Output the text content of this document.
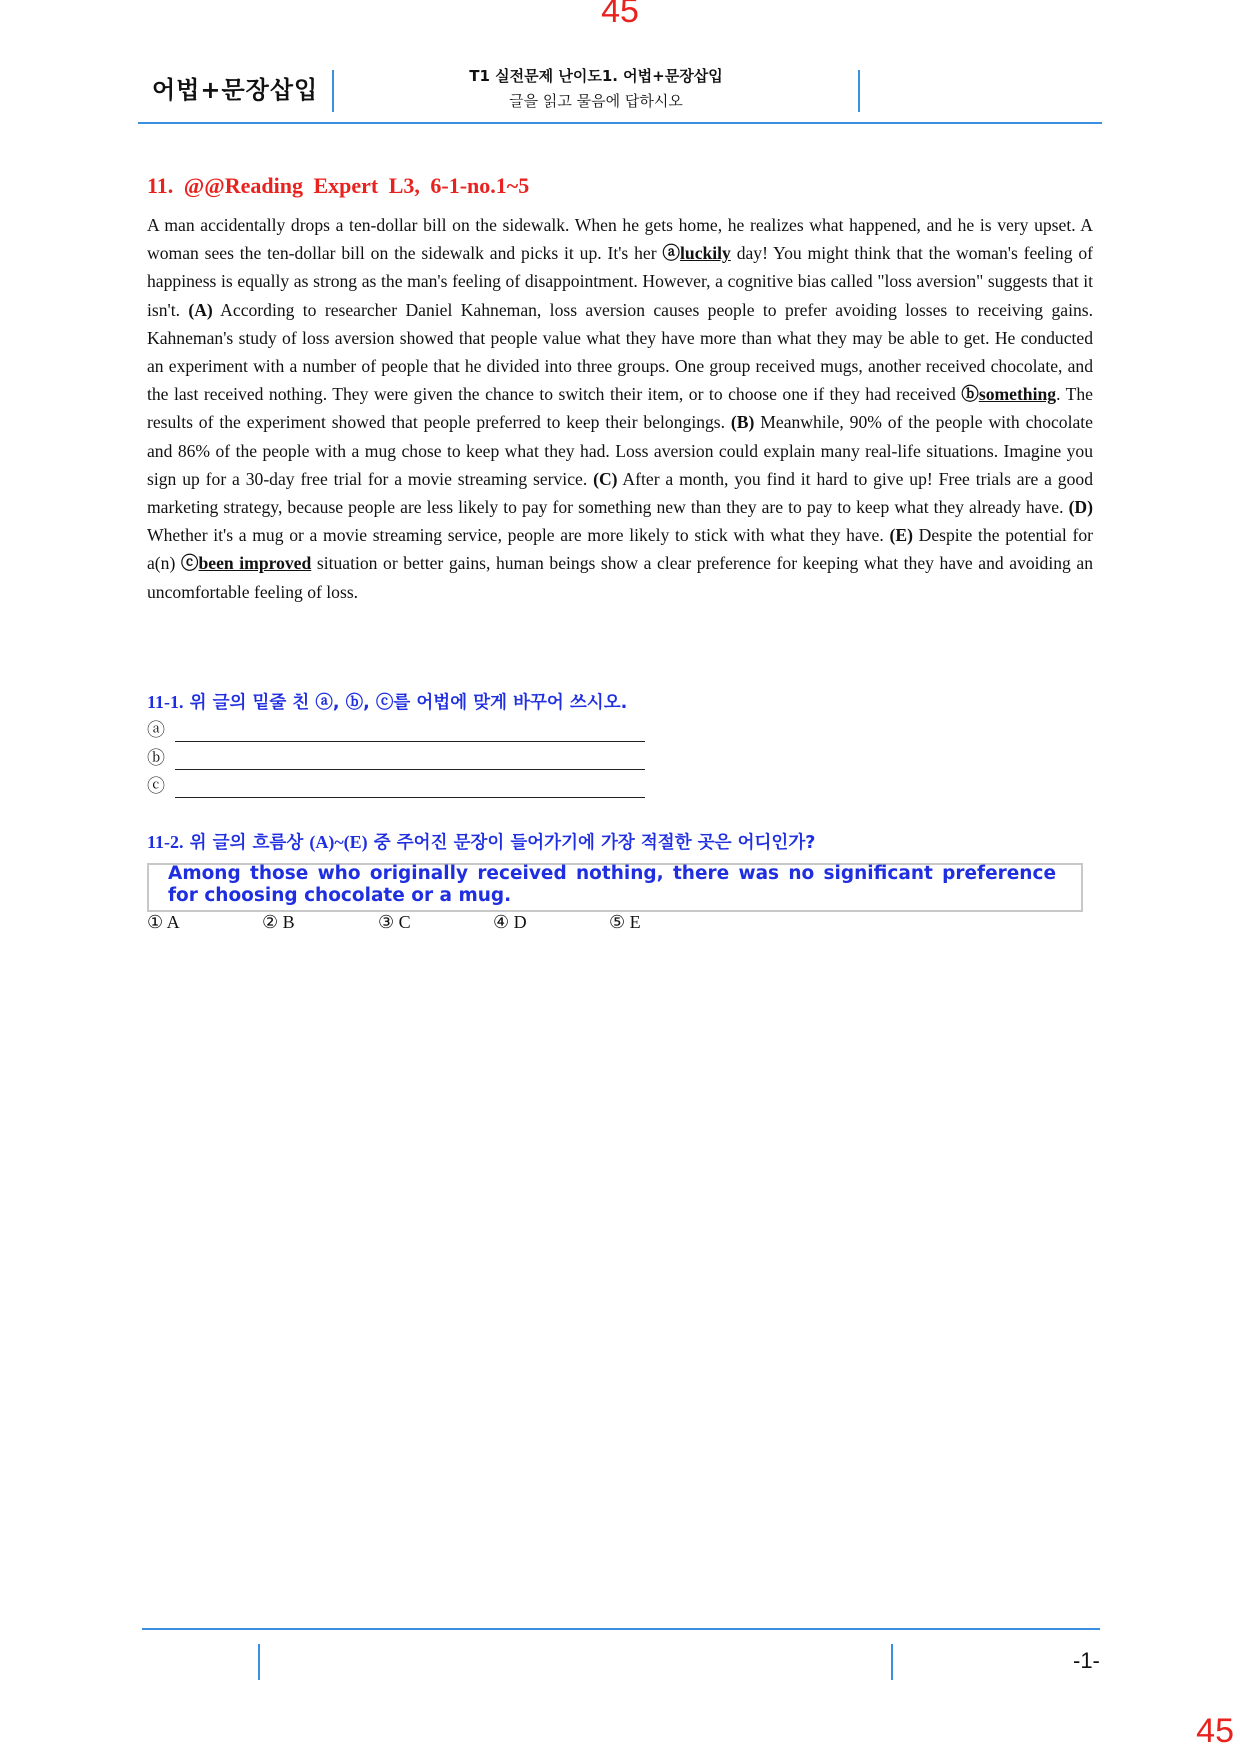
45
45
어법+문장삽입	T1 실전문제 난이도1. 어법+문장삽입
글을 읽고 물음에 답하시오
11. @@Reading Expert L3, 6-1-no.1~5
A man accidentally drops a ten-dollar bill on the sidewalk. When he gets home, he realizes what happened, and he is very upset. A woman sees the ten-dollar bill on the sidewalk and picks it up. It's her ⓐluckily day! You might think that the woman's feeling of happiness is equally as strong as the man's feeling of disappointment. However, a cognitive bias called "loss aversion" suggests that it isn't. (A) According to researcher Daniel Kahneman, loss aversion causes people to prefer avoiding losses to receiving gains. Kahneman's study of loss aversion showed that people value what they have more than what they may be able to get. He conducted an experiment with a number of people that he divided into three groups. One group received mugs, another received chocolate, and the last received nothing. They were given the chance to switch their item, or to choose one if they had received ⓑsomething. The results of the experiment showed that people preferred to keep their belongings. (B) Meanwhile, 90% of the people with chocolate and 86% of the people with a mug chose to keep what they had. Loss aversion could explain many real-life situations. Imagine you sign up for a 30-day free trial for a movie streaming service. (C) After a month, you find it hard to give up! Free trials are a good marketing strategy, because people are less likely to pay for something new than they are to pay to keep what they already have. (D) Whether it's a mug or a movie streaming service, people are more likely to stick with what they have. (E) Despite the potential for a(n) ⓒbeen improved situation or better gains, human beings show a clear preference for keeping what they have and avoiding an uncomfortable feeling of loss.
11-1. 위 글의 밑줄 친 ⓐ, ⓑ, ⓒ를 어법에 맞게 바꾸어 쓰시오.
ⓐ
ⓑ
ⓒ
11-2. 위 글의 흐름상 (A)~(E) 중 주어진 문장이 들어가기에 가장 적절한 곳은 어디인가?
Among those who originally received nothing, there was no significant preference for choosing chocolate or a mug.
① A	② B	③ C	④ D	⑤ E
-1-
